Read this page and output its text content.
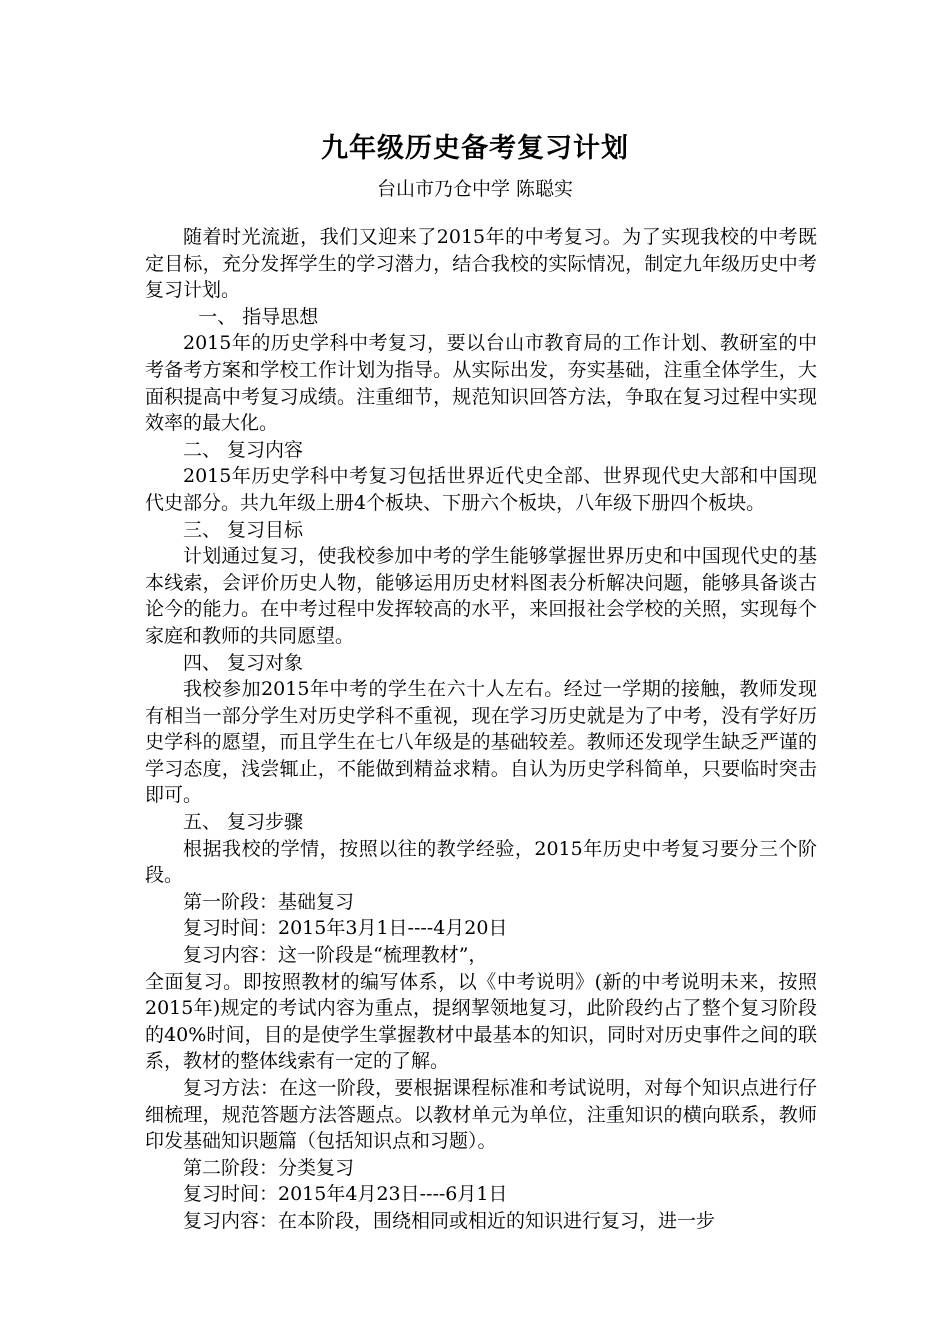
九年级历史备考复习计划
台山市乃仓中学 陈聪实

随着时光流逝，我们又迎来了2015年的中考复习。为了实现我校的中考既定目标，充分发挥学生的学习潜力，结合我校的实际情况，制定九年级历史中考复习计划。

一、 指导思想

2015年的历史学科中考复习，要以台山市教育局的工作计划、教研室的中考备考方案和学校工作计划为指导。从实际出发，夯实基础，注重全体学生，大面积提高中考复习成绩。注重细节，规范知识回答方法，争取在复习过程中实现效率的最大化。

二、 复习内容

2015年历史学科中考复习包括世界近代史全部、世界现代史大部和中国现代史部分。共九年级上册4个板块、下册六个板块，八年级下册四个板块。

三、 复习目标

计划通过复习，使我校参加中考的学生能够掌握世界历史和中国现代史的基本线索，会评价历史人物，能够运用历史材料图表分析解决问题，能够具备谈古论今的能力。在中考过程中发挥较高的水平，来回报社会学校的关照，实现每个家庭和教师的共同愿望。

四、 复习对象

我校参加2015年中考的学生在六十人左右。经过一学期的接触，教师发现有相当一部分学生对历史学科不重视，现在学习历史就是为了中考，没有学好历史学科的愿望，而且学生在七八年级是的基础较差。教师还发现学生缺乏严谨的学习态度，浅尝辄止，不能做到精益求精。自认为历史学科简单，只要临时突击即可。

五、 复习步骤

根据我校的学情，按照以往的教学经验，2015年历史中考复习要分三个阶段。

第一阶段：基础复习

复习时间：2015年3月1日----4月20日

复习内容：这一阶段是“梳理教材”，

全面复习。即按照教材的编写体系，以《中考说明》(新的中考说明未来，按照2015年)规定的考试内容为重点，提纲挈领地复习，此阶段约占了整个复习阶段的40%时间，目的是使学生掌握教材中最基本的知识，同时对历史事件之间的联系，教材的整体线索有一定的了解。

复习方法：在这一阶段，要根据课程标准和考试说明，对每个知识点进行仔细梳理，规范答题方法答题点。以教材单元为单位，注重知识的横向联系，教师印发基础知识题篇（包括知识点和习题）。

第二阶段：分类复习

复习时间：2015年4月23日----6月1日

复习内容：在本阶段，围绕相同或相近的知识进行复习，进一步
